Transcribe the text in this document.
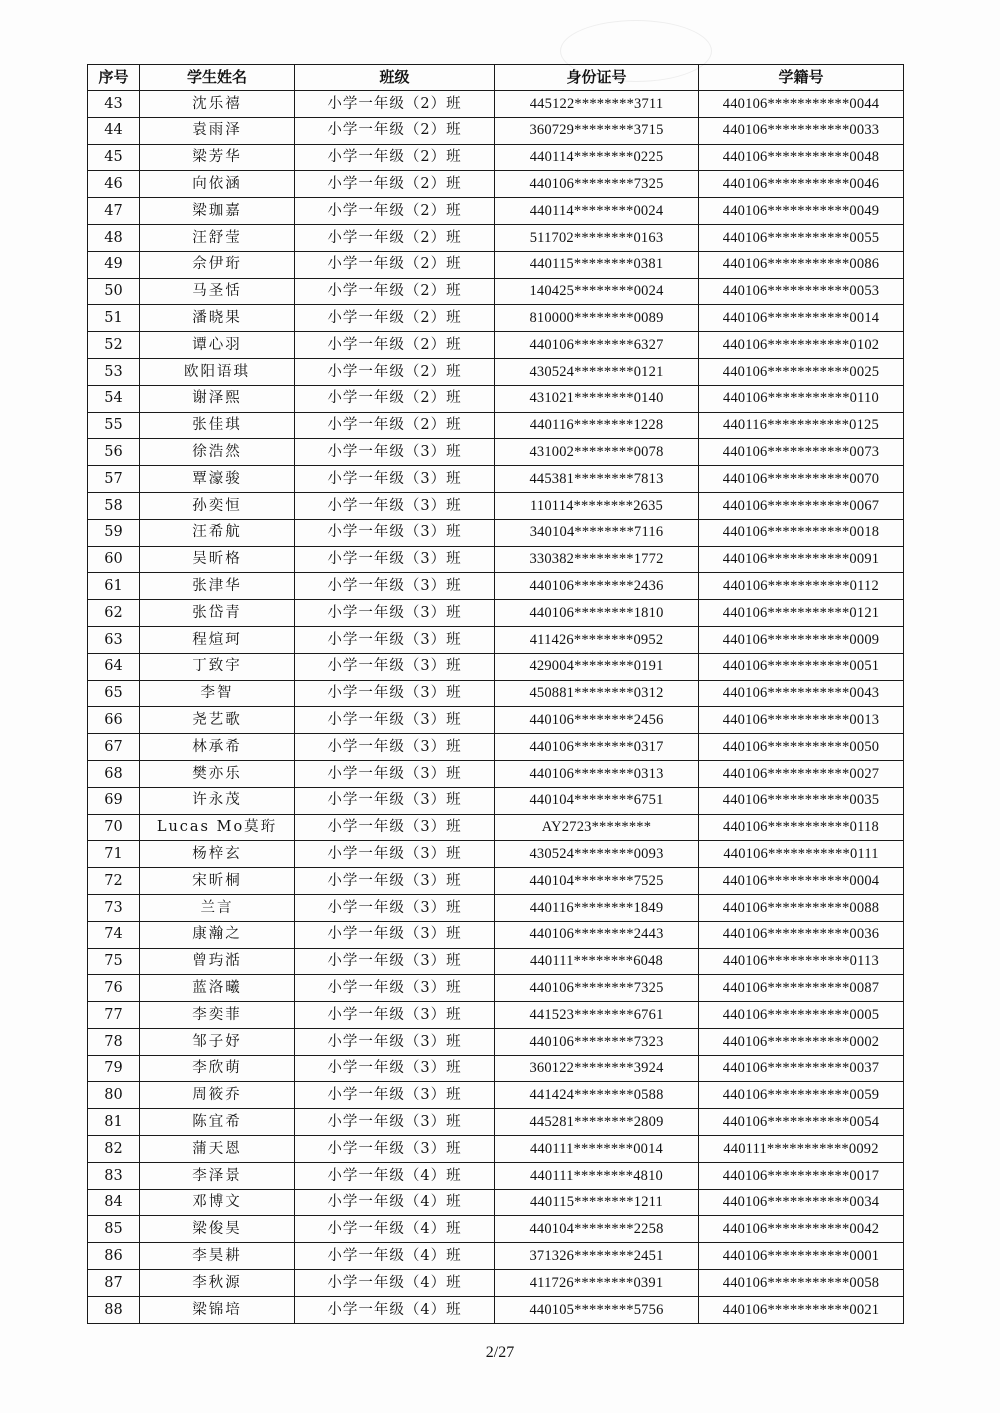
序号	学生姓名	班级	身份证号	学籍号
43	沈乐禧	小学一年级（2）班	445122********3711	440106***********0044
44	袁雨泽	小学一年级（2）班	360729********3715	440106***********0033
45	梁芳华	小学一年级（2）班	440114********0225	440106***********0048
46	向依涵	小学一年级（2）班	440106********7325	440106***********0046
47	梁珈嘉	小学一年级（2）班	440114********0024	440106***********0049
48	汪舒莹	小学一年级（2）班	511702********0163	440106***********0055
49	佘伊珩	小学一年级（2）班	440115********0381	440106***********0086
50	马圣恬	小学一年级（2）班	140425********0024	440106***********0053
51	潘晓果	小学一年级（2）班	810000********0089	440106***********0014
52	谭心羽	小学一年级（2）班	440106********6327	440106***********0102
53	欧阳语琪	小学一年级（2）班	430524********0121	440106***********0025
54	谢泽熙	小学一年级（2）班	431021********0140	440106***********0110
55	张佳琪	小学一年级（2）班	440116********1228	440116***********0125
56	徐浩然	小学一年级（3）班	431002********0078	440106***********0073
57	覃濠骏	小学一年级（3）班	445381********7813	440106***********0070
58	孙奕恒	小学一年级（3）班	110114********2635	440106***********0067
59	汪希航	小学一年级（3）班	340104********7116	440106***********0018
60	吴昕格	小学一年级（3）班	330382********1772	440106***********0091
61	张津华	小学一年级（3）班	440106********2436	440106***********0112
62	张岱青	小学一年级（3）班	440106********1810	440106***********0121
63	程煊珂	小学一年级（3）班	411426********0952	440106***********0009
64	丁致宇	小学一年级（3）班	429004********0191	440106***********0051
65	李智	小学一年级（3）班	450881********0312	440106***********0043
66	尧艺歌	小学一年级（3）班	440106********2456	440106***********0013
67	林承希	小学一年级（3）班	440106********0317	440106***********0050
68	樊亦乐	小学一年级（3）班	440106********0313	440106***********0027
69	许永茂	小学一年级（3）班	440104********6751	440106***********0035
70	Lucas Mo莫珩	小学一年级（3）班	AY2723********	440106***********0118
71	杨梓玄	小学一年级（3）班	430524********0093	440106***********0111
72	宋昕桐	小学一年级（3）班	440104********7525	440106***********0004
73	兰言	小学一年级（3）班	440116********1849	440106***********0088
74	康瀚之	小学一年级（3）班	440106********2443	440106***********0036
75	曾玙湉	小学一年级（3）班	440111********6048	440106***********0113
76	蓝洛曦	小学一年级（3）班	440106********7325	440106***********0087
77	李奕菲	小学一年级（3）班	441523********6761	440106***********0005
78	邹子妤	小学一年级（3）班	440106********7323	440106***********0002
79	李欣萌	小学一年级（3）班	360122********3924	440106***********0037
80	周筱乔	小学一年级（3）班	441424********0588	440106***********0059
81	陈宜希	小学一年级（3）班	445281********2809	440106***********0054
82	蒲天恩	小学一年级（3）班	440111********0014	440111***********0092
83	李泽景	小学一年级（4）班	440111********4810	440106***********0017
84	邓博文	小学一年级（4）班	440115********1211	440106***********0034
85	梁俊昊	小学一年级（4）班	440104********2258	440106***********0042
86	李昊耕	小学一年级（4）班	371326********2451	440106***********0001
87	李秋源	小学一年级（4）班	411726********0391	440106***********0058
88	梁锦培	小学一年级（4）班	440105********5756	440106***********0021
2/27
